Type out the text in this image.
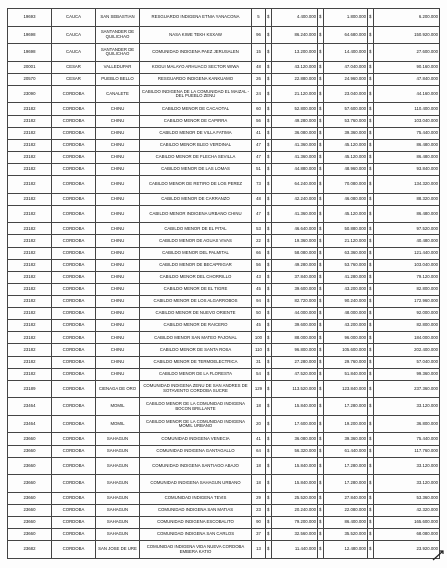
19693	CAUCA	SAN SEBASTIAN	RESGUARDO INDIGENA ETNIA YANACONA	5	$	4.400.000	$	1.800.000	$	6.200.000
19698	CAUCA	SANTANDER DE QUILICHAO	NASA KIWE TEKH KSXAW	96	$	86.240.000	$	64.680.000	$	150.920.000
19698	CAUCA	SANTANDER DE QUILICHAO	COMUNIDAD INDIGENA PAEZ JERUSALEN	15	$	13.200.000	$	14.400.000	$	27.600.000
20001	CESAR	VALLEDUPAR	KOGUI MALAYO ARHUACO SECTOR WIWA	48	$	43.120.000	$	47.040.000	$	90.160.000
20570	CESAR	PUEBLO BELLO	RESGUARDO INDIGENA KANKUAMO	26	$	22.880.000	$	24.960.000	$	47.840.000
23090	CORDOBA	CANALETE	CABILDO INDIGENA DE LA COMUNIDAD EL MAIZAL - DEL PUEBLO ZENU	24	$	21.120.000	$	23.040.000	$	44.160.000
23182	CORDOBA	CHINU	CABILDO MENOR DE CACAOTAL	60	$	52.800.000	$	57.600.000	$	110.400.000
23182	CORDOBA	CHINU	CABILDO MENOR DE CAPIRRA	56	$	49.280.000	$	53.760.000	$	103.040.000
23182	CORDOBA	CHINU	CABILDO MENOR DE VILLA FATIMA	41	$	36.080.000	$	39.360.000	$	75.440.000
23182	CORDOBA	CHINU	CABILDO MENOR BLEO VERDINAL	47	$	41.360.000	$	45.120.000	$	86.480.000
23182	CORDOBA	CHINU	CABILDO MENOR DE FLECHA SEVILLA	47	$	41.360.000	$	45.120.000	$	86.480.000
23182	CORDOBA	CHINU	CABILDO MENOR DE LAS LOMAS	51	$	44.880.000	$	48.960.000	$	93.840.000
23182	CORDOBA	CHINU	CABILDO MENOR DE RETIRO DE LOS PEREZ	73	$	64.240.000	$	70.080.000	$	134.320.000
23182	CORDOBA	CHINU	CABILDO MENOR DE CARRANZO	48	$	42.240.000	$	46.080.000	$	88.320.000
23182	CORDOBA	CHINU	CABILDO MENOR INDIGENA URBANO CHINU	47	$	41.360.000	$	45.120.000	$	86.480.000
23182	CORDOBA	CHINU	CABILDO MENOR DE EL PITAL	53	$	46.640.000	$	50.880.000	$	97.520.000
23182	CORDOBA	CHINU	CABILDO MENOR DE AGUAS VIVAS	22	$	19.360.000	$	21.120.000	$	40.480.000
23182	CORDOBA	CHINU	CABILDO MENOR DEL PALMITAL	66	$	58.080.000	$	63.360.000	$	121.440.000
23182	CORDOBA	CHINU	CABILDO MENOR DE BECAPRIGAR	56	$	49.280.000	$	53.760.000	$	103.040.000
23182	CORDOBA	CHINU	CABILDO MENOR DEL CHORRILLO	43	$	37.840.000	$	41.280.000	$	79.120.000
23182	CORDOBA	CHINU	CABILDO MENOR DE EL TIGRE	45	$	39.600.000	$	43.200.000	$	82.800.000
23182	CORDOBA	CHINU	CABILDO MENOR DE LOS ALGARROBOS	94	$	82.720.000	$	90.240.000	$	172.960.000
23182	CORDOBA	CHINU	CABILDO MENOR DE NUEVO ORIENTE	50	$	44.000.000	$	48.000.000	$	92.000.000
23182	CORDOBA	CHINU	CABILDO MENOR DE RAICERO	45	$	39.600.000	$	43.200.000	$	82.800.000
23182	CORDOBA	CHINU	CABILDO MENOR SAN MATEO PAJONAL	100	$	88.000.000	$	96.000.000	$	184.000.000
23182	CORDOBA	CHINU	CABILDO MENOR DE SANTA ROSA	110	$	96.800.000	$	105.600.000	$	202.400.000
23182	CORDOBA	CHINU	CABILDO MENOR DE TERMOELECTRICA	31	$	27.280.000	$	29.760.000	$	57.040.000
23182	CORDOBA	CHINU	CABILDO MENOR DE LA FLORESTA	54	$	47.520.000	$	51.840.000	$	99.360.000
23189	CORDOBA	CIENAGA DE ORO	COMUNIDAD INDIGENA ZENU DE SAN ANDRES DE SOTAVENTO CORDOBA SUCRE	129	$	113.520.000	$	123.840.000	$	237.360.000
23464	CORDOBA	MOMIL	CABILDO MENOR DE LA COMUNIDAD INDIGENA BOCON BRILLANTE	18	$	15.840.000	$	17.280.000	$	33.120.000
23464	CORDOBA	MOMIL	CABILDO MENOR DE LA COMUNIDAD INDIGENA MOMIL URBANO	20	$	17.600.000	$	19.200.000	$	36.800.000
23660	CORDOBA	SAHAGUN	COMUNIDAD INDIGENA VENECIA	41	$	36.080.000	$	39.360.000	$	75.440.000
23660	CORDOBA	SAHAGUN	COMUNIDAD INDIGENA GANTAGALLO	64	$	56.320.000	$	61.440.000	$	117.760.000
23660	CORDOBA	SAHAGUN	COMUNIDAD INDIGENA SANTIAGO ABAJO	18	$	15.840.000	$	17.280.000	$	33.120.000
23660	CORDOBA	SAHAGUN	COMUNIDAD INDIGENA SAHAGUN URBANO	18	$	15.840.000	$	17.280.000	$	33.120.000
23660	CORDOBA	SAHAGUN	COMUNIDAD INDIGENA TEVIS	29	$	25.520.000	$	27.840.000	$	53.360.000
23660	CORDOBA	SAHAGUN	COMUNIDAD INDIGENA SAN MATIAS	23	$	20.240.000	$	22.080.000	$	42.320.000
23660	CORDOBA	SAHAGUN	COMUNIDAD INDIGENA ESCOBALITO	90	$	79.200.000	$	86.400.000	$	165.600.000
23660	CORDOBA	SAHAGUN	COMUNIDAD INDIGENA SAN CARLOS	37	$	32.560.000	$	35.520.000	$	68.080.000
23682	CORDOBA	SAN JOSE DE URE	COMUNIDAD INDIGENA VIDA NUEVA CORDOBA EMBERA KATIO	13	$	11.440.000	$	12.480.000	$	23.920.000
